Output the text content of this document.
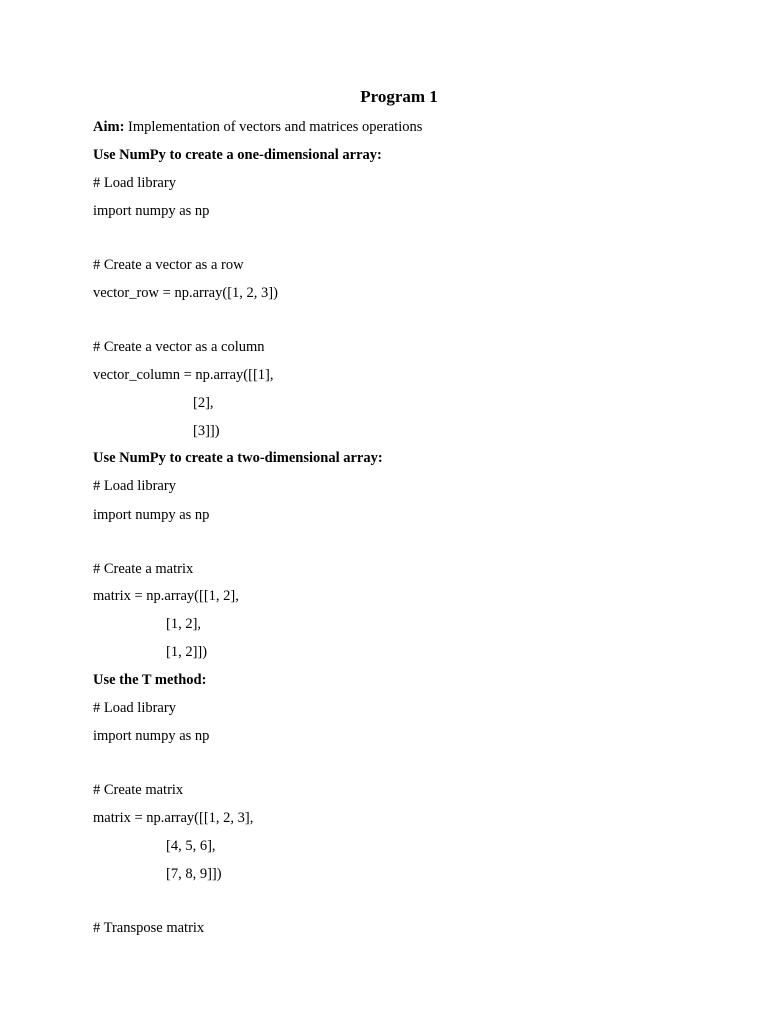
Program 1
Aim: Implementation of vectors and matrices operations
Use NumPy to create a one-dimensional array:
# Load library
import numpy as np
# Create a vector as a row
vector_row = np.array([1, 2, 3])
# Create a vector as a column
vector_column = np.array([[1],
[2],
[3]])
Use NumPy to create a two-dimensional array:
# Load library
import numpy as np
# Create a matrix
matrix = np.array([[1, 2],
[1, 2],
[1, 2]])
Use the T method:
# Load library
import numpy as np
# Create matrix
matrix = np.array([[1, 2, 3],
[4, 5, 6],
[7, 8, 9]])
# Transpose matrix
